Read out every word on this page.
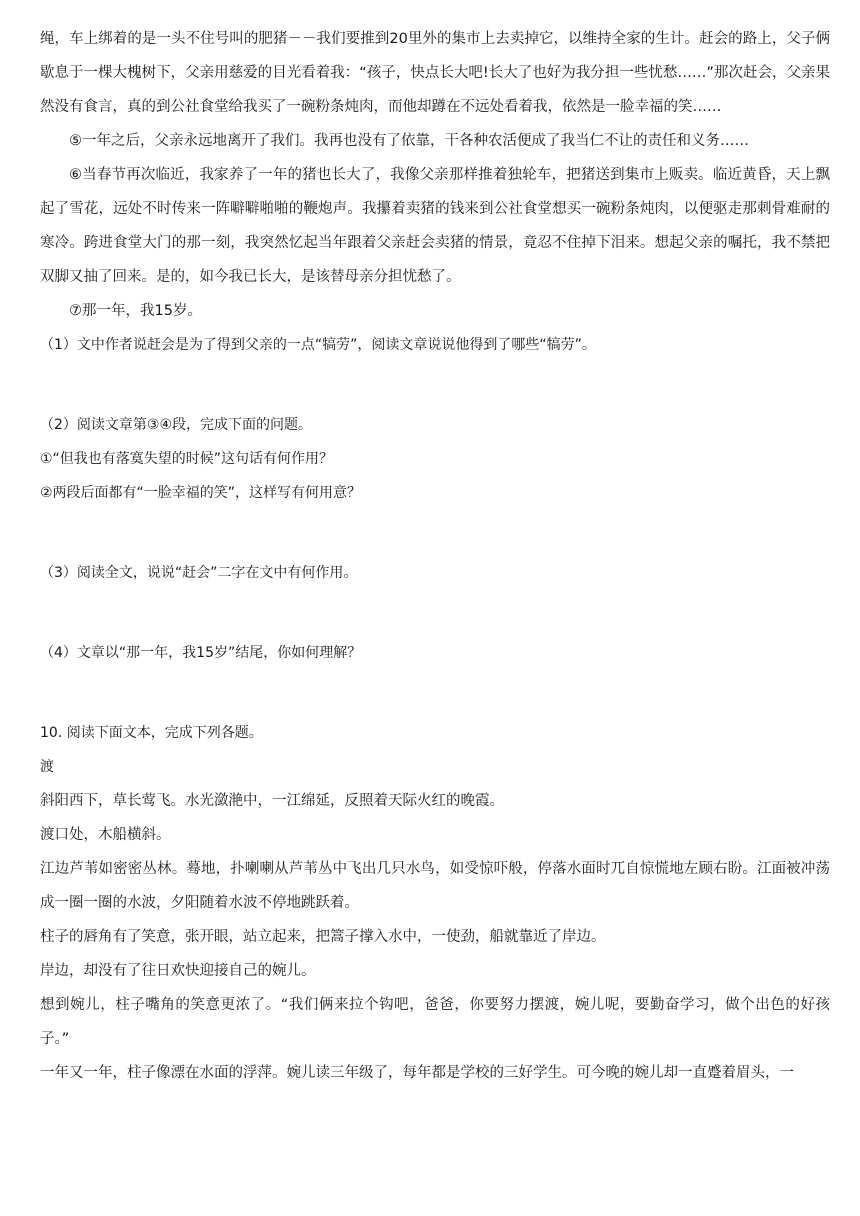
绳，车上绑着的是一头不住号叫的肥猪－－我们要推到20里外的集市上去卖掉它，以维持全家的生计。赶会的路上，父子俩歇息于一棵大槐树下，父亲用慈爱的目光看着我：“孩子，快点长大吧!长大了也好为我分担一些忧愁……”那次赶会，父亲果然没有食言，真的到公社食堂给我买了一碗粉条炖肉，而他却蹲在不远处看着我，依然是一脸幸福的笑……

⑤一年之后，父亲永远地离开了我们。我再也没有了依靠，干各种农活便成了我当仁不让的责任和义务……

⑥当春节再次临近，我家养了一年的猪也长大了，我像父亲那样推着独轮车，把猪送到集市上贩卖。临近黄昏，天上飘起了雪花，远处不时传来一阵噼噼啪啪的鞭炮声。我攥着卖猪的钱来到公社食堂想买一碗粉条炖肉，以便驱走那刺骨难耐的寒冷。跨进食堂大门的那一刻，我突然忆起当年跟着父亲赶会卖猪的情景，竟忍不住掉下泪来。想起父亲的嘱托，我不禁把双脚又抽了回来。是的，如今我已长大，是该替母亲分担忧愁了。

⑦那一年，我15岁。

（1）文中作者说赶会是为了得到父亲的一点“犒劳”，阅读文章说说他得到了哪些“犒劳”。

（2）阅读文章第③④段，完成下面的问题。

①“但我也有落寞失望的时候”这句话有何作用？

②两段后面都有“一脸幸福的笑”，这样写有何用意？

（3）阅读全文，说说“赶会”二字在文中有何作用。

（4）文章以“那一年，我15岁”结尾，你如何理解？

10. 阅读下面文本，完成下列各题。

渡

斜阳西下，草长莺飞。水光潋滟中，一江绵延，反照着天际火红的晚霞。

渡口处，木船横斜。

江边芦苇如密密丛林。蓦地，扑喇喇从芦苇丛中飞出几只水鸟，如受惊吓般，停落水面时兀自惊慌地左顾右盼。江面被冲荡成一圈一圈的水波，夕阳随着水波不停地跳跃着。

柱子的唇角有了笑意，张开眼，站立起来，把篙子撑入水中，一使劲，船就靠近了岸边。

岸边，却没有了往日欢快迎接自己的婉儿。

想到婉儿，柱子嘴角的笑意更浓了。“我们俩来拉个钩吧，爸爸，你要努力摆渡，婉儿呢，要勤奋学习，做个出色的好孩子。”

一年又一年，柱子像漂在水面的浮萍。婉儿读三年级了，每年都是学校的三好学生。可今晚的婉儿却一直蹙着眉头，一
